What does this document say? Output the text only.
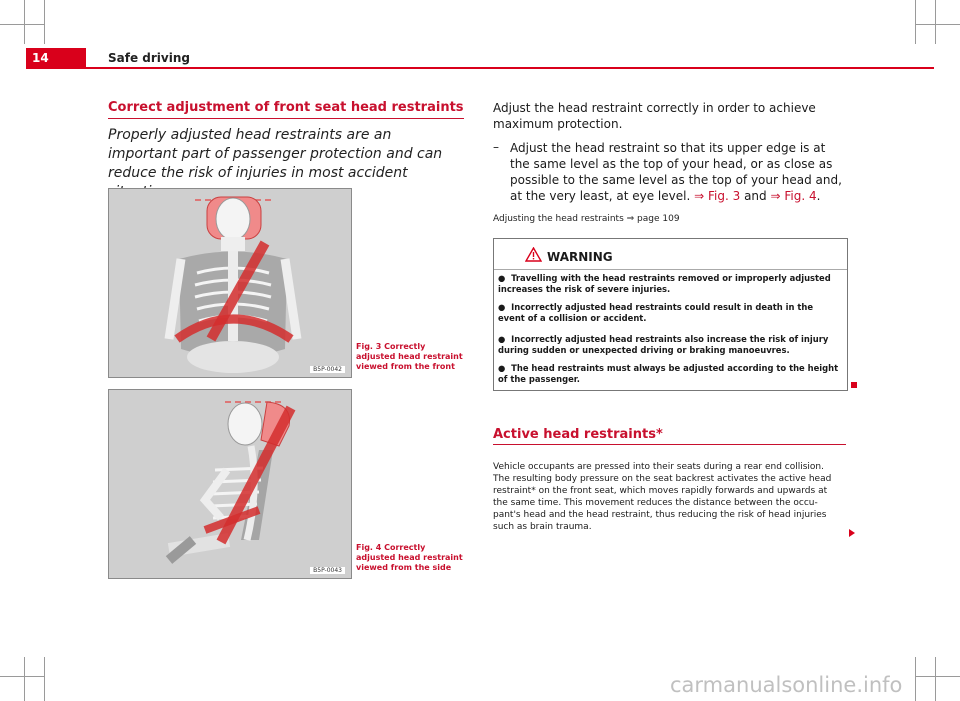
14	Safe driving
Correct adjustment of front seat head restraints
Properly adjusted head restraints are an important part of passenger protection and can reduce the risk of injuries in most accident
B5P-0042
Fig. 3 Correctly adjusted head restraint viewed from the front
B5P-0043
Fig. 4 Correctly adjusted head restraint viewed from the side
Adjust the head restraint correctly in order to achieve maximum protection.
– Adjust the head restraint so that its upper edge is at the same level as the top of your head, or as close as possible to the same level as the top of your head and, at the very least, at eye level. ⇒ Fig. 3 and ⇒ Fig. 4.
Adjusting the head restraints ⇒ page 109
WARNING
●  Travelling with the head restraints removed or improperly adjusted increases the risk of severe injuries.
●  Incorrectly adjusted head restraints could result in death in the event of a collision or accident.
●  Incorrectly adjusted head restraints also increase the risk of injury during sudden or unexpected driving or braking manoeuvres.
●  The head restraints must always be adjusted according to the height of the passenger.
Active head restraints*
Vehicle occupants are pressed into their seats during a rear end collision. The resulting body pressure on the seat backrest activates the active head restraint* on the front seat, which moves rapidly forwards and upwards at the same time. This movement reduces the distance between the occu-pant's head and the head restraint, thus reducing the risk of head injuries such as brain trauma.
carmanualsonline.info
